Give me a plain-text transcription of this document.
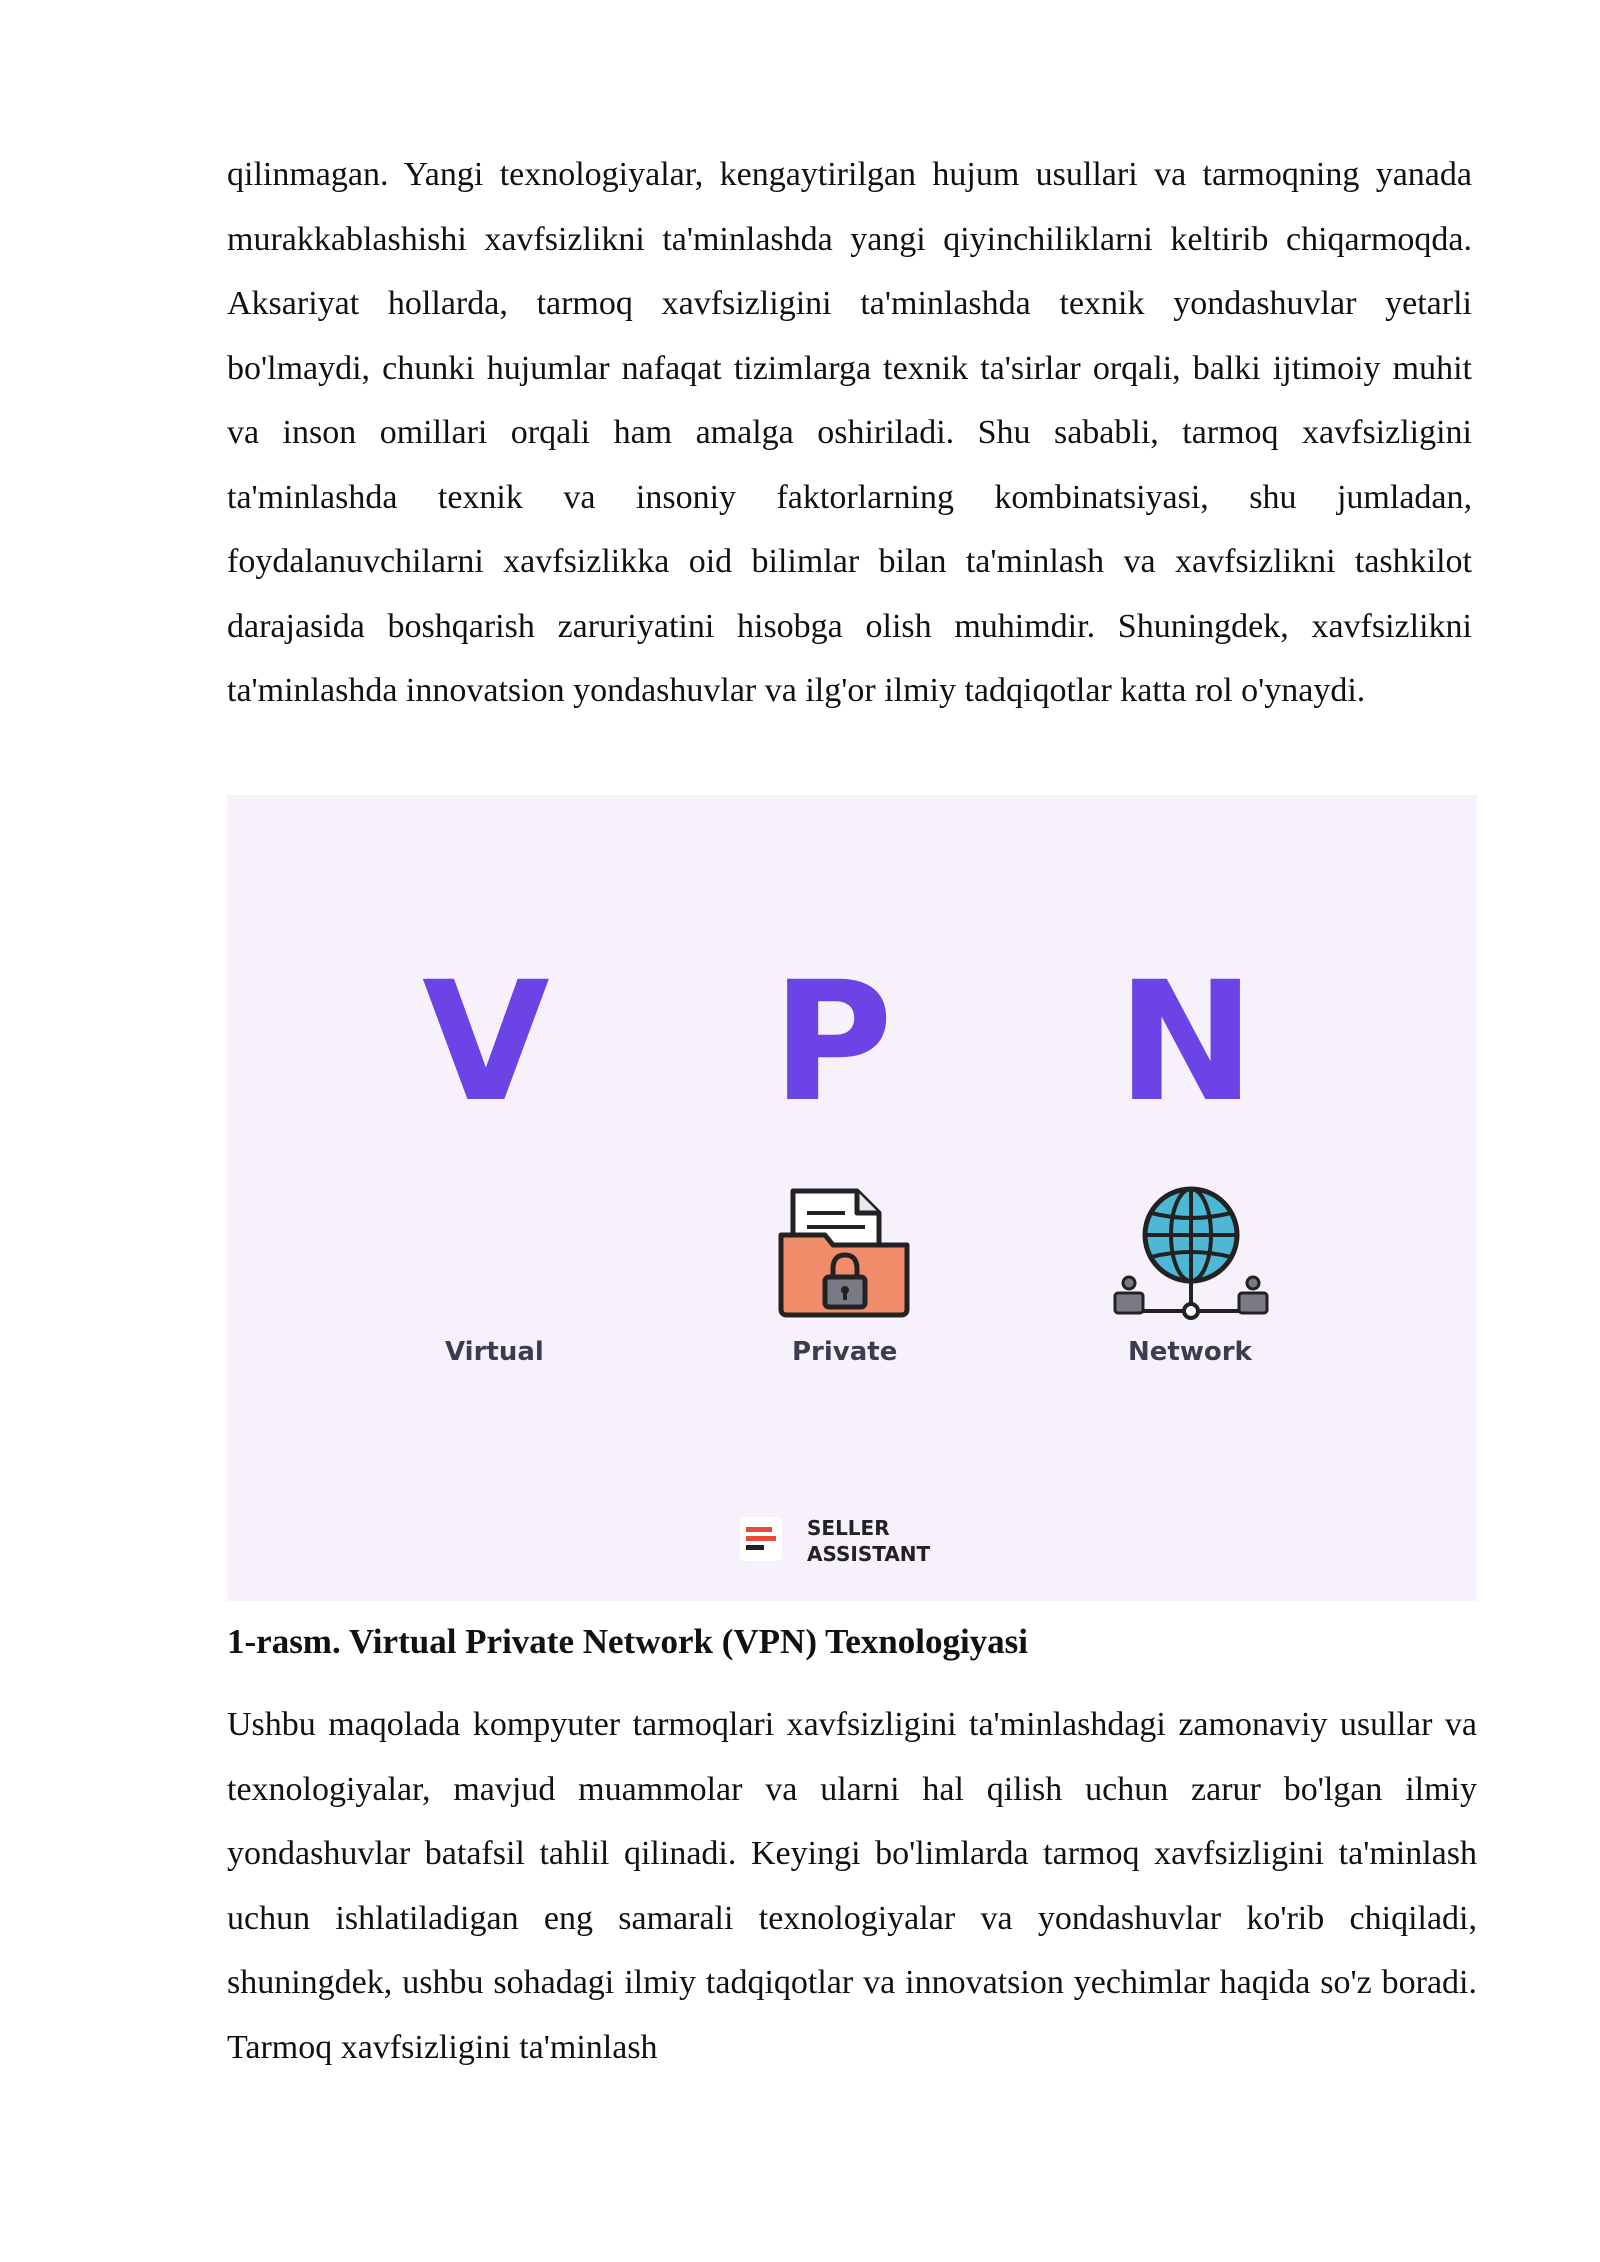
qilinmagan. Yangi texnologiyalar, kengaytirilgan hujum usullari va tarmoqning yanada murakkablashishi xavfsizlikni ta'minlashda yangi qiyinchiliklarni keltirib chiqarmoqda. Aksariyat hollarda, tarmoq xavfsizligini ta'minlashda texnik yondashuvlar yetarli bo'lmaydi, chunki hujumlar nafaqat tizimlarga texnik ta'sirlar orqali, balki ijtimoiy muhit va inson omillari orqali ham amalga oshiriladi. Shu sababli, tarmoq xavfsizligini ta'minlashda texnik va insoniy faktorlarning kombinatsiyasi, shu jumladan, foydalanuvchilarni xavfsizlikka oid bilimlar bilan ta'minlash va xavfsizlikni tashkilot darajasida boshqarish zaruriyatini hisobga olish muhimdir. Shuningdek, xavfsizlikni ta'minlashda innovatsion yondashuvlar va ilg'or ilmiy tadqiqotlar katta rol o'ynaydi.

V P N
Virtual	Private	Network
SELLER
ASSISTANT

1-rasm. Virtual Private Network (VPN) Texnologiyasi

Ushbu maqolada kompyuter tarmoqlari xavfsizligini ta'minlashdagi zamonaviy usullar va texnologiyalar, mavjud muammolar va ularni hal qilish uchun zarur bo'lgan ilmiy yondashuvlar batafsil tahlil qilinadi. Keyingi bo'limlarda tarmoq xavfsizligini ta'minlash uchun ishlatiladigan eng samarali texnologiyalar va yondashuvlar ko'rib chiqiladi, shuningdek, ushbu sohadagi ilmiy tadqiqotlar va innovatsion yechimlar haqida so'z boradi. Tarmoq xavfsizligini ta'minlash
